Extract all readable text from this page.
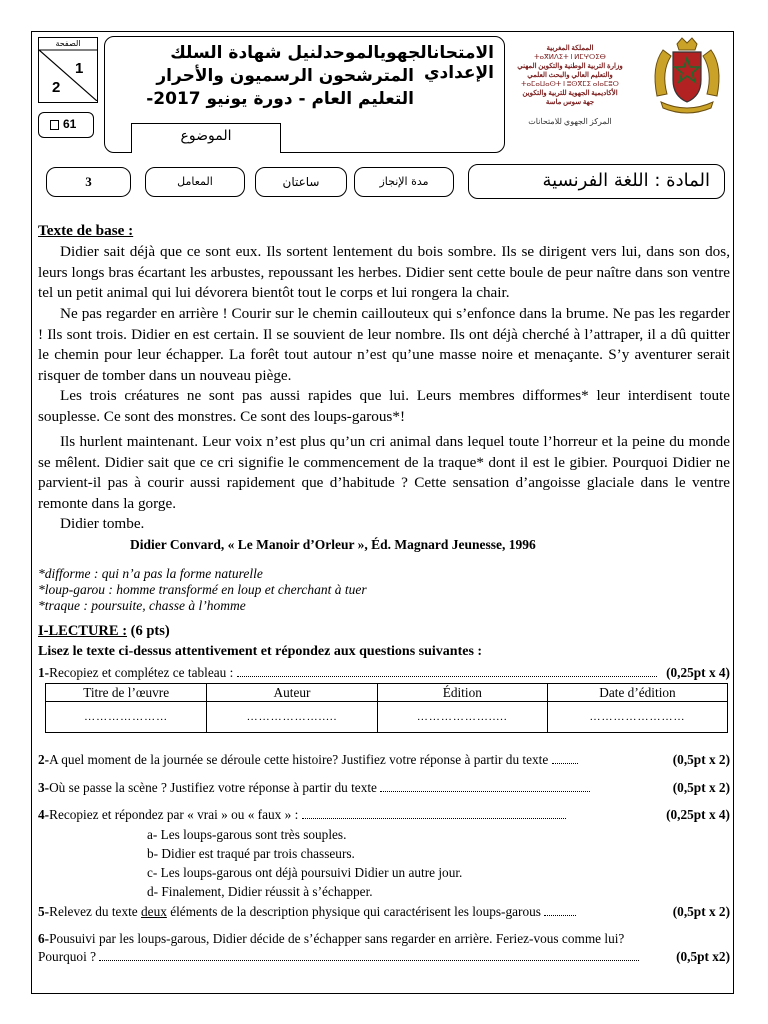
الصفحة
1
2
61
الامتحانالجهويالموحدلنيل شهادة السلك الإعدادي
المترشحون الرسميون والأحرار
التعليم العام - دورة يونيو 2017-
الموضوع
المملكة المغربية
ⵜⴰⴳⵍⴷⵉⵜ ⵏ ⵍⵎⵖⵔⵉⴱ
وزارة التربية الوطنية والتكوين المهني
والتعليم العالي والبحث العلمي
ⵜⴰⵎⴰⵡⴰⵙⵜ ⵏ ⵓⵙⴳⵎⵉ ⴰⵏⴰⵎⵓⵔ
الأكاديمية الجهوية للتربية والتكوين
جهة سوس ماسة
المركز الجهوي للامتحانات
3	المعامل	ساعتان	مدة الإنجاز	المادة : اللغة الفرنسية
Texte de base :
Didier sait déjà que ce sont eux. Ils sortent lentement du bois sombre. Ils se dirigent vers lui, dans son dos, leurs longs bras écartant les arbustes, repoussant les herbes. Didier sent cette boule de peur naître dans son ventre tel un petit animal qui lui dévorera bientôt tout le corps et lui rongera la chair.
Ne pas regarder en arrière ! Courir sur le chemin caillouteux qui s’enfonce dans la brume. Ne pas les regarder ! Ils sont trois. Didier en est certain. Il se souvient de leur nombre. Ils ont déjà cherché à l’attraper, il a dû quitter le chemin pour leur échapper. La forêt tout autour n’est qu’une masse noire et menaçante. S’y aventurer serait risquer de tomber dans un nouveau piège.
Les trois créatures ne sont pas aussi rapides que lui. Leurs membres difformes* leur interdisent toute souplesse. Ce sont des monstres. Ce sont des loups-garous*!
Ils hurlent maintenant. Leur voix n’est plus qu’un cri animal dans lequel toute l’horreur et la peine du monde se mêlent. Didier sait que ce cri signifie le commencement de la traque* dont il est le gibier. Pourquoi Didier ne parvient-il pas à courir aussi rapidement que d’habitude ? Cette sensation d’angoisse glaciale dans le ventre remonte dans la gorge.
Didier tombe.
Didier Convard, « Le Manoir d’Orleur », Éd. Magnard Jeunesse, 1996
*difforme : qui n’a pas la forme naturelle
*loup-garou : homme transformé en loup et cherchant à tuer
*traque : poursuite, chasse à l’homme
I-LECTURE : (6 pts)
Lisez le texte ci-dessus attentivement et répondez aux questions suivantes :
1-Recopiez et complétez ce tableau :	(0,25pt x 4)
Titre de l’œuvre	Auteur	Édition	Date d’édition
…………………	……………….....	……………….....	……………………
2-A quel moment de la journée se déroule cette histoire? Justifiez votre réponse à partir du texte	(0,5pt x 2)
3-Où se passe la scène ? Justifiez votre réponse à partir du texte	(0,5pt x 2)
4-Recopiez et répondez par « vrai » ou « faux » :	(0,25pt x 4)
a- Les loups-garous sont très souples.
b- Didier est traqué par trois chasseurs.
c- Les loups-garous ont déjà poursuivi Didier un autre jour.
d- Finalement, Didier réussit à s’échapper.
5-Relevez du texte deux éléments de la description physique qui caractérisent les loups-garous	(0,5pt x 2)
6-Pousuivi par les loups-garous, Didier décide de s’échapper sans regarder en arrière. Feriez-vous comme lui?
Pourquoi ?	(0,5pt x2)
